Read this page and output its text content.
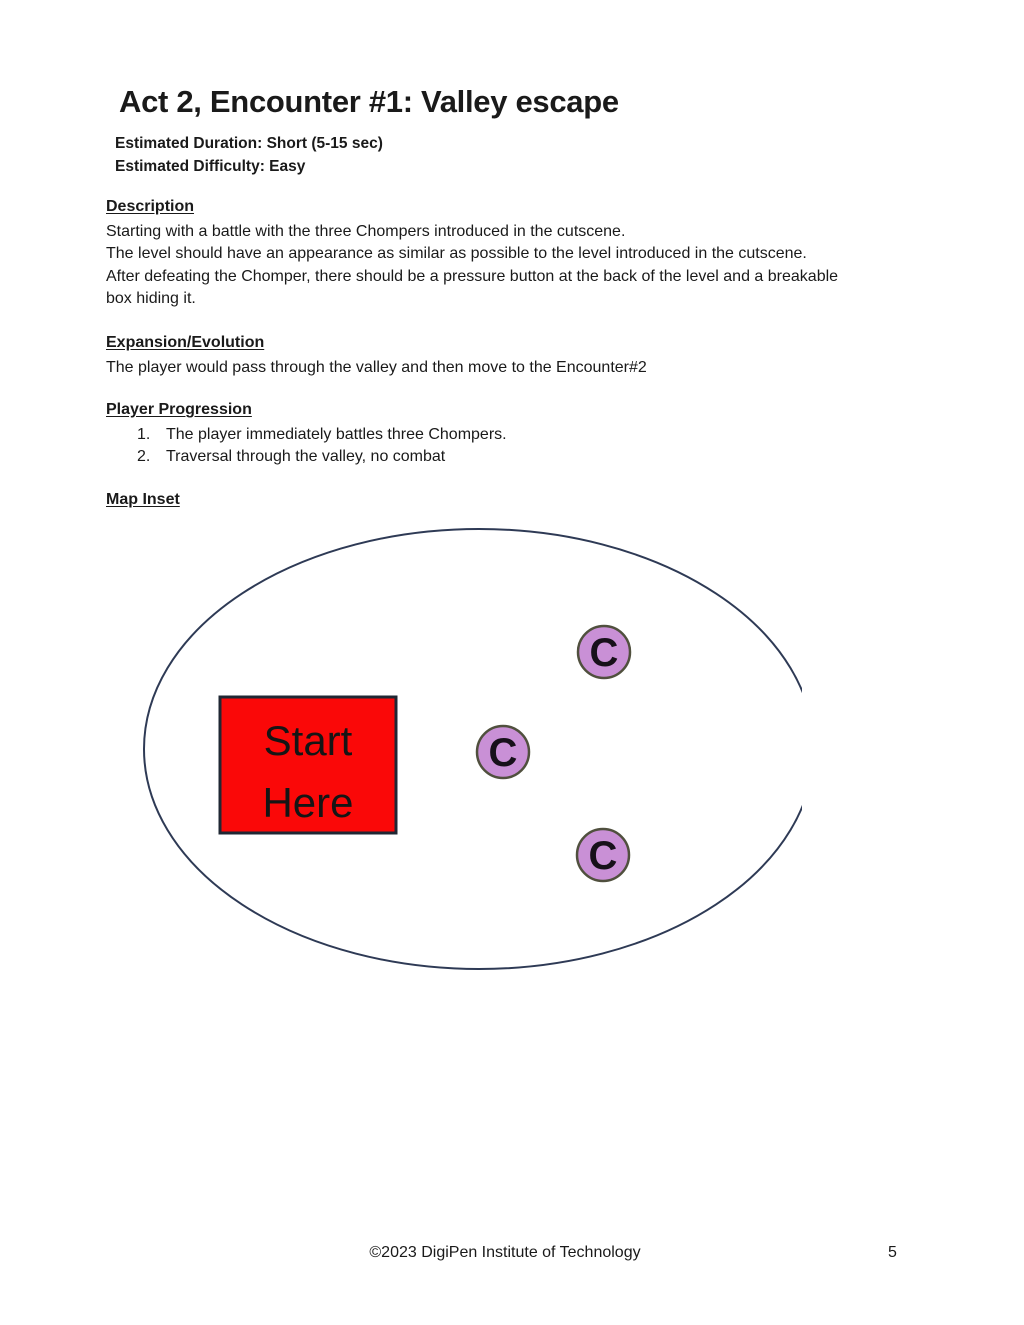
Act 2, Encounter #1: Valley escape
Estimated Duration: Short (5-15 sec)
Estimated Difficulty: Easy
Description
Starting with a battle with the three Chompers introduced in the cutscene.
The level should have an appearance as similar as possible to the level introduced in the cutscene.
After defeating the Chomper, there should be a pressure button at the back of the level and a breakable
box hiding it.
Expansion/Evolution
The player would pass through the valley and then move to the Encounter#2
Player Progression
1. The player immediately battles three Chompers.
2. Traversal through the valley, no combat
Map Inset
Start
Here
C
C
C
©2023 DigiPen Institute of Technology	5
